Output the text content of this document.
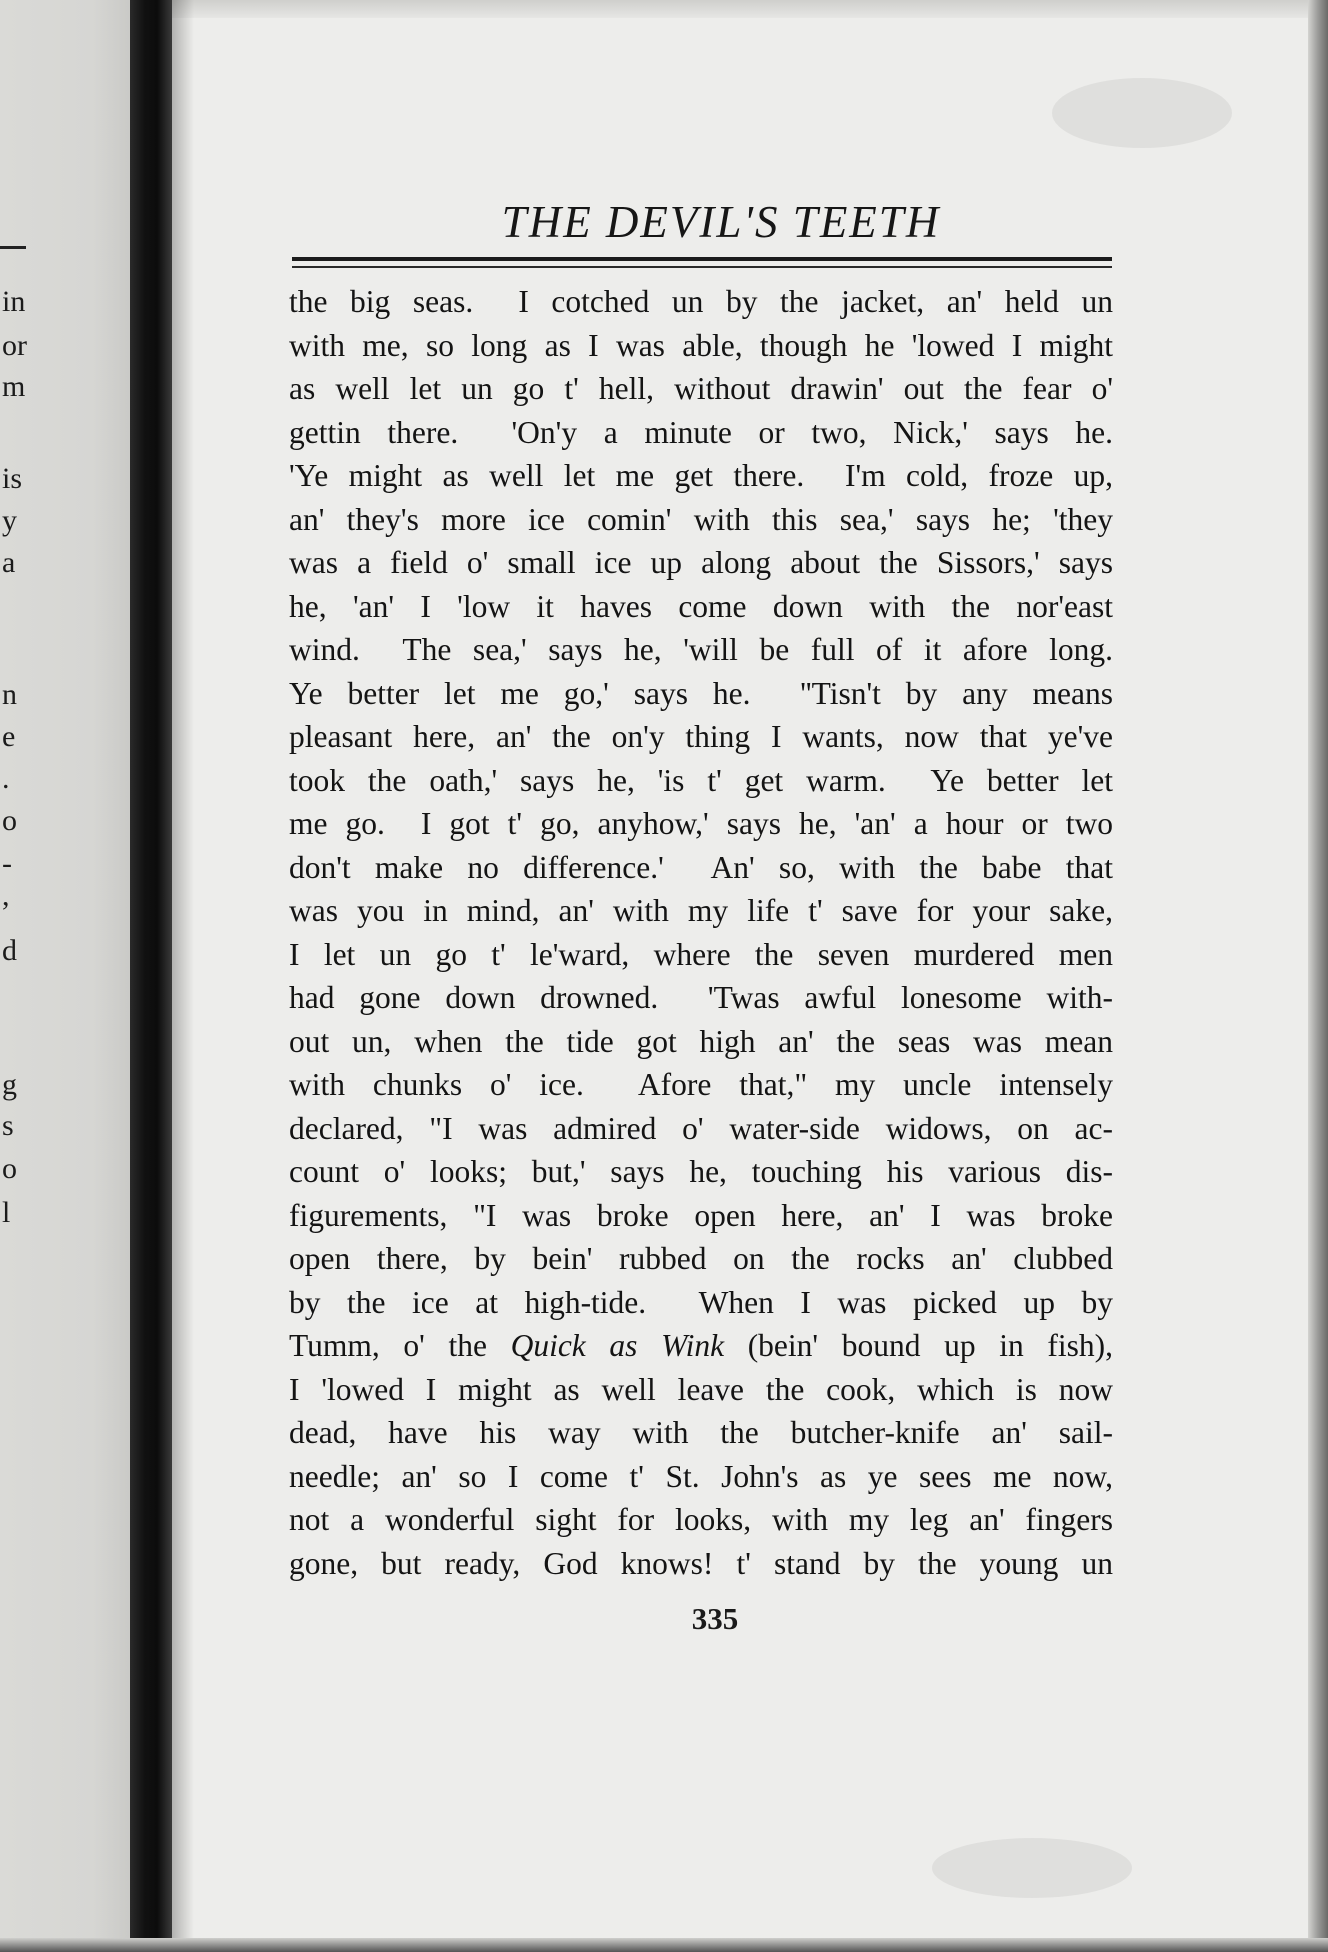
in
or
m
is
y
a
n
e
.
o
-
,
d
g
s
o
l
THE DEVIL'S TEETH
the big seas.  I cotched un by the jacket, an' held un
with me, so long as I was able, though he 'lowed I might
as well let un go t' hell, without drawin' out the fear o'
gettin there.  'On'y a minute or two, Nick,' says he.
'Ye might as well let me get there.  I'm cold, froze up,
an' they's more ice comin' with this sea,' says he; 'they
was a field o' small ice up along about the Sissors,' says
he, 'an' I 'low it haves come down with the nor'east
wind.  The sea,' says he, 'will be full of it afore long.
Ye better let me go,' says he.  ''Tisn't by any means
pleasant here, an' the on'y thing I wants, now that ye've
took the oath,' says he, 'is t' get warm.  Ye better let
me go.  I got t' go, anyhow,' says he, 'an' a hour or two
don't make no difference.'  An' so, with the babe that
was you in mind, an' with my life t' save for your sake,
I let un go t' le'ward, where the seven murdered men
had gone down drowned.  'Twas awful lonesome with-
out un, when the tide got high an' the seas was mean
with chunks o' ice.  Afore that," my uncle intensely
declared, "I was admired o' water-side widows, on ac-
count o' looks; but,' says he, touching his various dis-
figurements, "I was broke open here, an' I was broke
open there, by bein' rubbed on the rocks an' clubbed
by the ice at high-tide.  When I was picked up by
Tumm, o' the Quick as Wink (bein' bound up in fish),
I 'lowed I might as well leave the cook, which is now
dead, have his way with the butcher-knife an' sail-
needle; an' so I come t' St. John's as ye sees me now,
not a wonderful sight for looks, with my leg an' fingers
gone, but ready, God knows! t' stand by the young un
335
